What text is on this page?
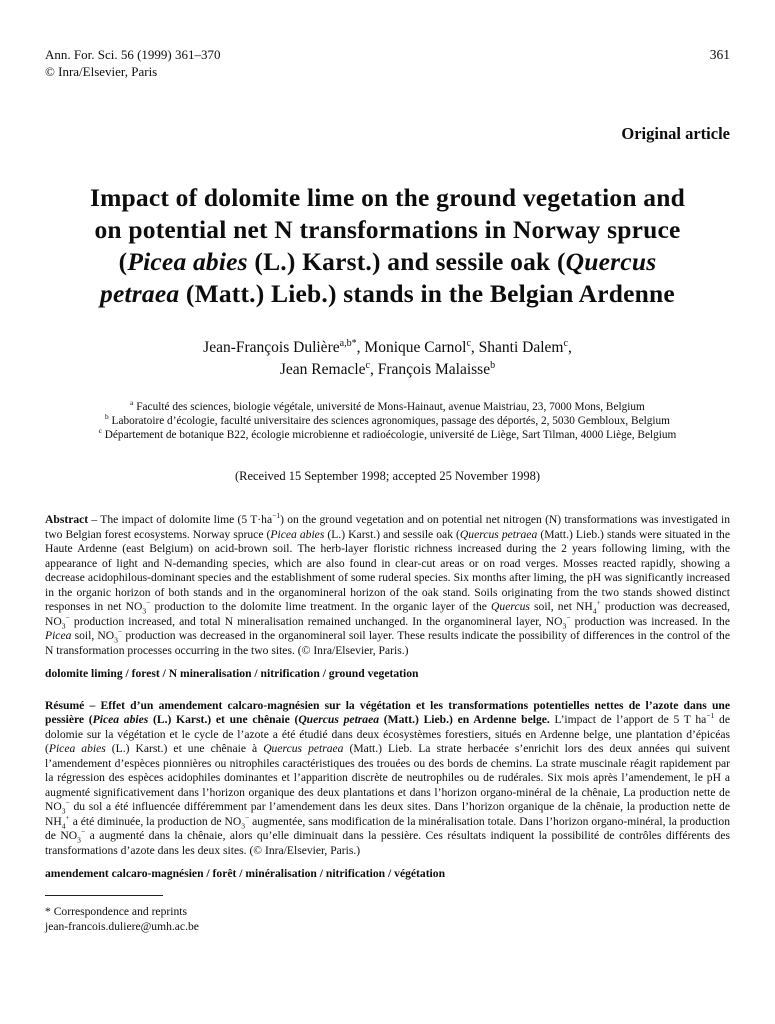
Ann. For. Sci. 56 (1999) 361–370
© Inra/Elsevier, Paris
361
Original article
Impact of dolomite lime on the ground vegetation and
on potential net N transformations in Norway spruce
(Picea abies (L.) Karst.) and sessile oak (Quercus
petraea (Matt.) Lieb.) stands in the Belgian Ardenne
Jean-François Dulière$^{a,b*}$, Monique Carnol$^c$, Shanti Dalem$^c$,
Jean Remacle$^c$, François Malaisse$^b$
$^a$ Faculté des sciences, biologie végétale, université de Mons-Hainaut, avenue Maistriau, 23, 7000 Mons, Belgium
$^b$ Laboratoire d’écologie, faculté universitaire des sciences agronomiques, passage des déportés, 2, 5030 Gembloux, Belgium
$^c$ Département de botanique B22, écologie microbienne et radioécologie, université de Liège, Sart Tilman, 4000 Liège, Belgium
(Received 15 September 1998; accepted 25 November 1998)

Abstract – The impact of dolomite lime (5 $T\cdot ha^{-1}$) on the ground vegetation and on potential net nitrogen (N) transformations was investigated in two Belgian forest ecosystems. Norway spruce (Picea abies (L.) Karst.) and sessile oak (Quercus petraea (Matt.) Lieb.) stands were situated in the Haute Ardenne (east Belgium) on acid-brown soil. The herb-layer floristic richness increased during the 2 years following liming, with the appearance of light and N-demanding species, which are also found in clear-cut areas or on road verges. Mosses reacted rapidly, showing a decrease acidophilous-dominant species and the establishment of some ruderal species. Six months after liming, the pH was significantly increased in the organic horizon of both stands and in the organomineral horizon of the oak stand. Soils originating from the two stands showed distinct responses in net $NO_3^-$ production to the dolomite lime treatment. In the organic layer of the Quercus soil, net $NH_4^+$ production was decreased, $NO_3^-$ production increased, and total N mineralisation remained unchanged. In the organomineral layer, $NO_3^-$ production was increased. In the Picea soil, $NO_3^-$ production was decreased in the organomineral soil layer. These results indicate the possibility of differences in the control of the N transformation processes occurring in the two sites. (© Inra/Elsevier, Paris.)

dolomite liming / forest / N mineralisation / nitrification / ground vegetation

Résumé – Effet d’un amendement calcaro-magnésien sur la végétation et les transformations potentielles nettes de l’azote dans une pessière (Picea abies (L.) Karst.) et une chênaie (Quercus petraea (Matt.) Lieb.) en Ardenne belge. L’impact de l’apport de 5 T $ha^{-1}$ de dolomie sur la végétation et le cycle de l’azote a été étudié dans deux écosystèmes forestiers, situés en Ardenne belge, une plantation d’épicéas (Picea abies (L.) Karst.) et une chênaie à Quercus petraea (Matt.) Lieb. La strate herbacée s’enrichit lors des deux années qui suivent l’amendement d’espèces pionnières ou nitrophiles caractéristiques des trouées ou des bords de chemins. La strate muscinale réagit rapidement par la régression des espèces acidophiles dominantes et l’apparition discrète de neutrophiles ou de rudérales. Six mois après l’amendement, le pH a augmenté significativement dans l’horizon organique des deux plantations et dans l’horizon organo-minéral de la chênaie, La production nette de $NO_3^-$ du sol a été influencée différemment par l’amendement dans les deux sites. Dans l’horizon organique de la chênaie, la production nette de $NH_4^+$ a été diminuée, la production de $NO_3^-$ augmentée, sans modification de la minéralisation totale. Dans l’horizon organo-minéral, la production de $NO_3^-$ a augmenté dans la chênaie, alors qu’elle diminuait dans la pessière. Ces résultats indiquent la possibilité de contrôles différents des transformations d’azote dans les deux sites. (© Inra/Elsevier, Paris.)

amendement calcaro-magnésien / forêt / minéralisation / nitrification / végétation

* Correspondence and reprints
jean-francois.duliere@umh.ac.be
